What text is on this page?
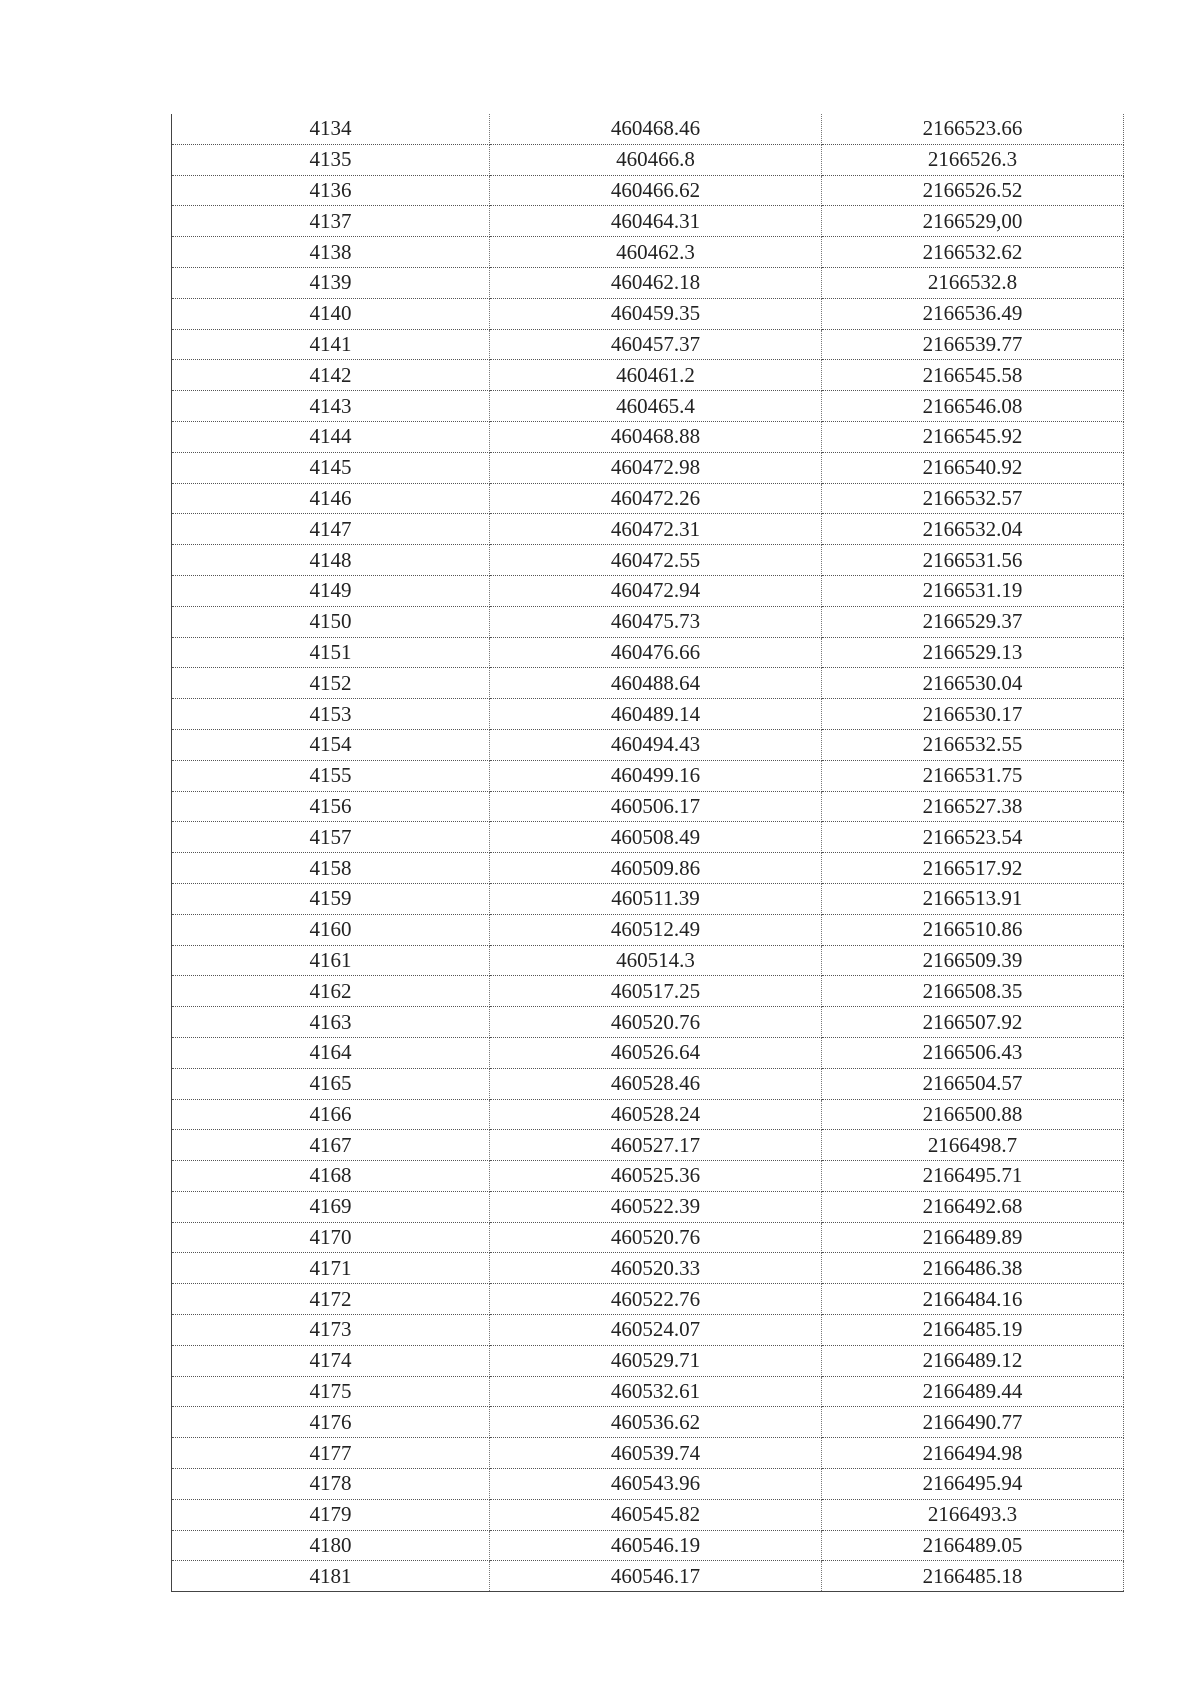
4134	460468.46	2166523.66
4135	460466.8	2166526.3
4136	460466.62	2166526.52
4137	460464.31	2166529,00
4138	460462.3	2166532.62
4139	460462.18	2166532.8
4140	460459.35	2166536.49
4141	460457.37	2166539.77
4142	460461.2	2166545.58
4143	460465.4	2166546.08
4144	460468.88	2166545.92
4145	460472.98	2166540.92
4146	460472.26	2166532.57
4147	460472.31	2166532.04
4148	460472.55	2166531.56
4149	460472.94	2166531.19
4150	460475.73	2166529.37
4151	460476.66	2166529.13
4152	460488.64	2166530.04
4153	460489.14	2166530.17
4154	460494.43	2166532.55
4155	460499.16	2166531.75
4156	460506.17	2166527.38
4157	460508.49	2166523.54
4158	460509.86	2166517.92
4159	460511.39	2166513.91
4160	460512.49	2166510.86
4161	460514.3	2166509.39
4162	460517.25	2166508.35
4163	460520.76	2166507.92
4164	460526.64	2166506.43
4165	460528.46	2166504.57
4166	460528.24	2166500.88
4167	460527.17	2166498.7
4168	460525.36	2166495.71
4169	460522.39	2166492.68
4170	460520.76	2166489.89
4171	460520.33	2166486.38
4172	460522.76	2166484.16
4173	460524.07	2166485.19
4174	460529.71	2166489.12
4175	460532.61	2166489.44
4176	460536.62	2166490.77
4177	460539.74	2166494.98
4178	460543.96	2166495.94
4179	460545.82	2166493.3
4180	460546.19	2166489.05
4181	460546.17	2166485.18
